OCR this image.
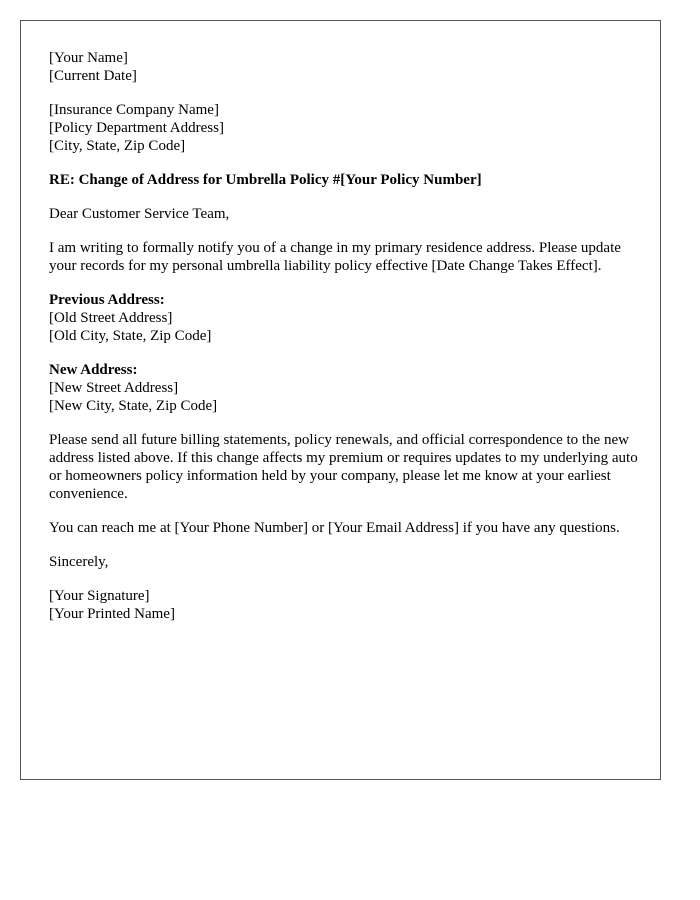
[Your Name]
[Current Date]
[Insurance Company Name]
[Policy Department Address]
[City, State, Zip Code]

RE: Change of Address for Umbrella Policy #[Your Policy Number]

Dear Customer Service Team,

I am writing to formally notify you of a change in my primary residence address. Please update your records for my personal umbrella liability policy effective [Date Change Takes Effect].

Previous Address:
[Old Street Address]
[Old City, State, Zip Code]
New Address:
[New Street Address]
[New City, State, Zip Code]

Please send all future billing statements, policy renewals, and official correspondence to the new address listed above. If this change affects my premium or requires updates to my underlying auto or homeowners policy information held by your company, please let me know at your earliest convenience.

You can reach me at [Your Phone Number] or [Your Email Address] if you have any questions.

Sincerely,

[Your Signature]
[Your Printed Name]
